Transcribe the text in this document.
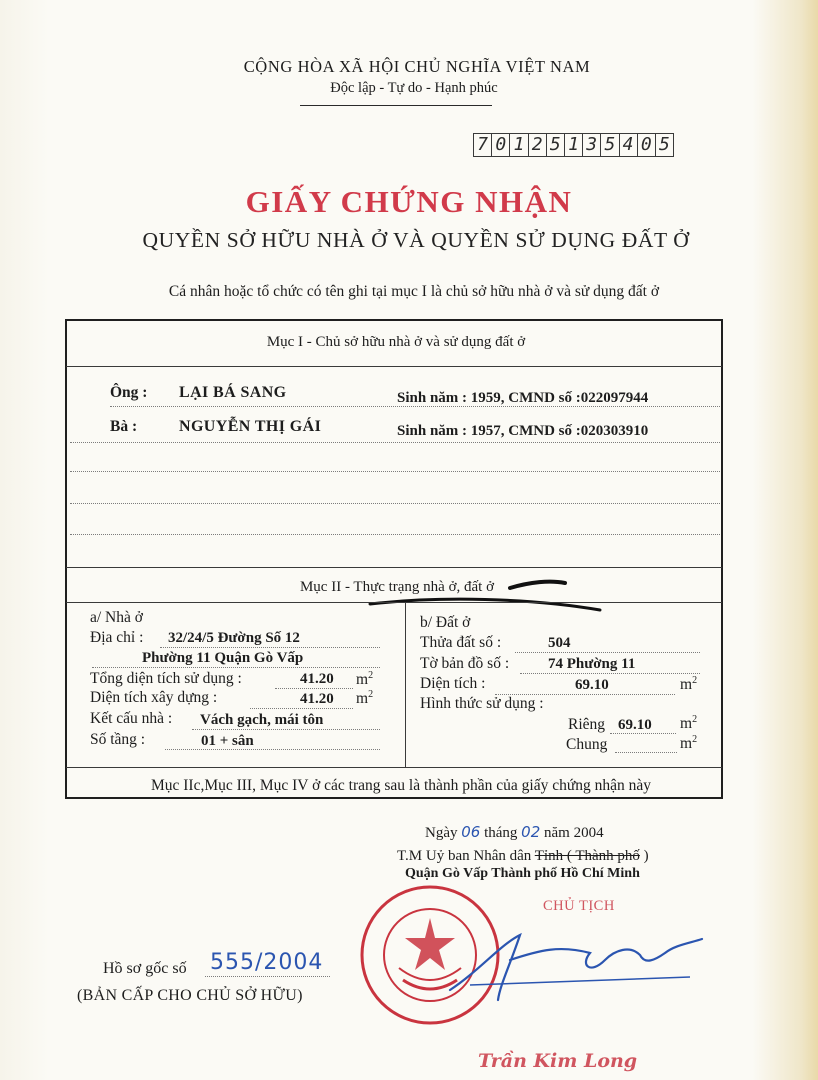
CỘNG HÒA XÃ HỘI CHỦ NGHĨA VIỆT NAM
Độc lập - Tự do - Hạnh phúc
7 0 1 2 5 1 3 5 4 0 5
GIẤY CHỨNG NHẬN
QUYỀN SỞ HỮU NHÀ Ở VÀ QUYỀN SỬ DỤNG ĐẤT Ở
Cá nhân hoặc tổ chức có tên ghi tại mục I là chủ sở hữu nhà ở và sử dụng đất ở
Mục I - Chủ sở hữu nhà ở và sử dụng đất ở
Ông : LẠI BÁ SANG	Sinh năm : 1959, CMND số :022097944
Bà :	NGUYỄN THỊ GÁI	Sinh năm : 1957, CMND số :020303910
Mục II - Thực trạng nhà ở, đất ở
a/ Nhà ở
Địa chỉ : 32/24/5 Đường Số 12
Phường 11 Quận Gò Vấp
Tổng diện tích sử dụng :	41.20 $m^2$
Diện tích xây dựng :	41.20 $m^2$
Kết cấu nhà : Vách gạch, mái tôn
Số tầng :	01 + sân
b/ Đất ở
Thửa đất số :	504
Tờ bản đồ số :	74 Phường 11
Diện tích :	69.10	$m^2$
Hình thức sử dụng :
Riêng 69.10 $m^2$
Chung	$m^2$
Mục IIc,Mục III, Mục IV ở các trang sau là thành phần của giấy chứng nhận này
Ngày 06 tháng 02 năm 2004
T.M Uỷ ban Nhân dân Tỉnh ( Thành phố )
Quận Gò Vấp Thành phố Hồ Chí Minh
CHỦ TỊCH
Trần Kim Long
Hồ sơ gốc số 555/2004
(BẢN CẤP CHO CHỦ SỞ HỮU)
